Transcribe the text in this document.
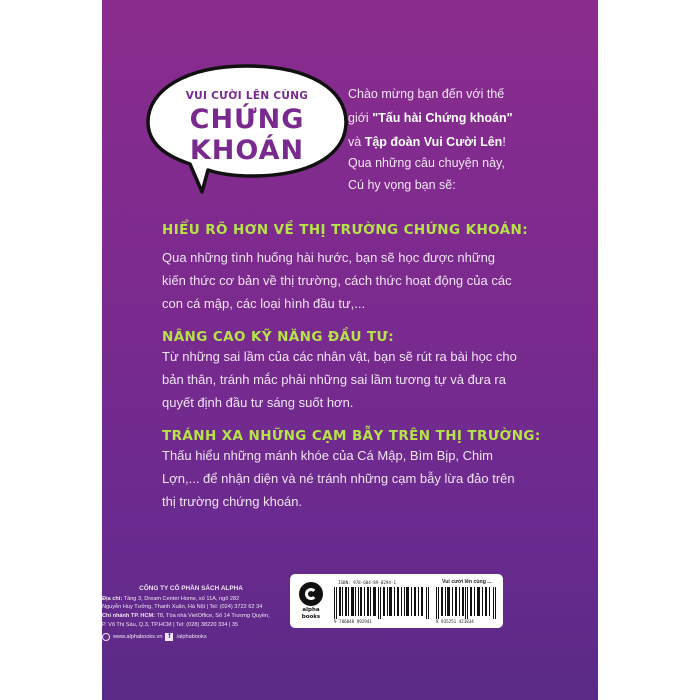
VUI CƯỜI LÊN CÙNG
CHỨNG
KHOÁN
Chào mừng bạn đến với thế
giới "Tấu hài Chứng khoán"
và Tập đoàn Vui Cười Lên!
Qua những câu chuyện này,
Cú hy vọng bạn sẽ:
HIỂU RÕ HƠN VỀ THỊ TRƯỜNG CHỨNG KHOÁN:
Qua những tình huống hài hước, bạn sẽ học được những
kiến thức cơ bản về thị trường, cách thức hoạt động của các
con cá mập, các loại hình đầu tư,...
NÂNG CAO KỸ NĂNG ĐẦU TƯ:
Từ những sai lầm của các nhân vật, bạn sẽ rút ra bài học cho
bản thân, tránh mắc phải những sai lầm tương tự và đưa ra
quyết định đầu tư sáng suốt hơn.
TRÁNH XA NHỮNG CẠM BẪY TRÊN THỊ TRƯỜNG:
Thấu hiểu những mánh khóe của Cá Mập, Bìm Bịp, Chim
Lợn,... để nhận diện và né tránh những cạm bẫy lừa đảo trên
thị trường chứng khoán.
CÔNG TY CỔ PHẦN SÁCH ALPHA
Địa chỉ: Tầng 3, Dream Center Home, số 11A, ngõ 282
Nguyễn Huy Tưởng, Thanh Xuân, Hà Nội | Tel: (024) 3722 62 34
Chi nhánh TP. HCM: T8, Tòa nhà VietOffice, Số 14 Trương Quyền,
P. Võ Thị Sáu, Q.3, TP.HCM | Tel: (028) 38220 334 | 35
www.alphabooks.vn f	/alphabooks
alpha
books
ISBN: 978-604-89-0294-1	Vui cười lên cùng ...
9 786048 992941	8 935251 421834
